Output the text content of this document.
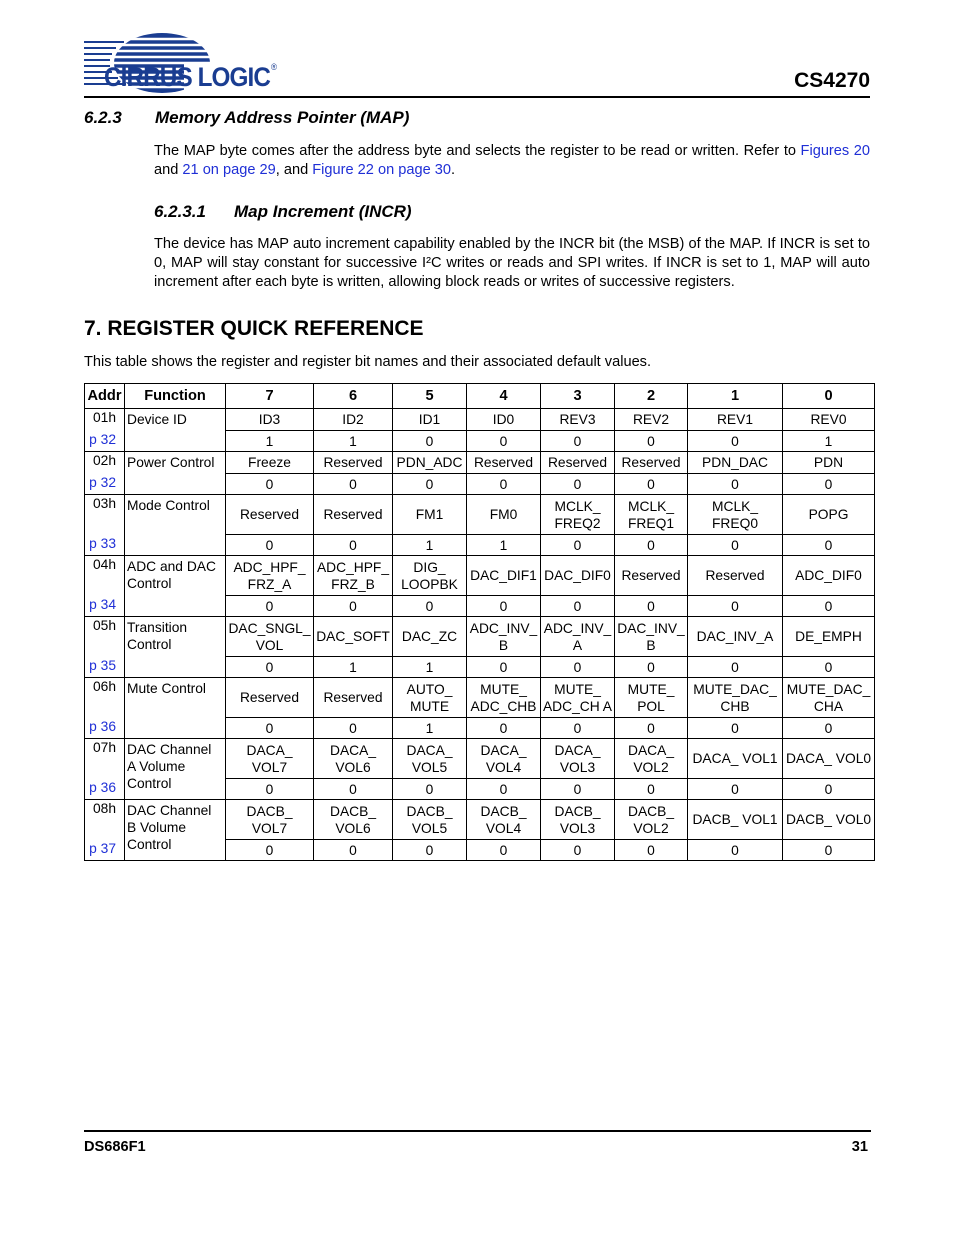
CIRRUS LOGIC®
CS4270
6.2.3 Memory Address Pointer (MAP)
The MAP byte comes after the address byte and selects the register to be read or written. Refer to Figures 20 and 21 on page 29, and Figure 22 on page 30.
6.2.3.1 Map Increment (INCR)
The device has MAP auto increment capability enabled by the INCR bit (the MSB) of the MAP. If INCR is set to 0, MAP will stay constant for successive I²C writes or reads and SPI writes. If INCR is set to 1, MAP will auto increment after each byte is written, allowing block reads or writes of successive registers.
7. REGISTER QUICK REFERENCE
This table shows the register and register bit names and their associated default values.
Addr	Function	7	6	5	4	3	2	1	0
01h	Device ID	ID3	ID2	ID1	ID0	REV3	REV2	REV1	REV0
p 32		1	1	0	0	0	0	0	1
02h	Power Control	Freeze	Reserved	PDN_ADC	Reserved	Reserved	Reserved	PDN_DAC	PDN
p 32		0	0	0	0	0	0	0	0
03h	Mode Control	Reserved	Reserved	FM1	FM0	MCLK_ FREQ2	MCLK_ FREQ1	MCLK_ FREQ0	POPG
p 33		0	0	1	1	0	0	0	0
04h	ADC and DAC Control	ADC_HPF_ FRZ_A	ADC_HPF_ FRZ_B	DIG_ LOOPBK	DAC_DIF1	DAC_DIF0	Reserved	Reserved	ADC_DIF0
p 34		0	0	0	0	0	0	0	0
05h	Transition Control	DAC_SNGL_ VOL	DAC_SOFT	DAC_ZC	ADC_INV_ B	ADC_INV_ A	DAC_INV_ B	DAC_INV_A	DE_EMPH
p 35		0	1	1	0	0	0	0	0
06h	Mute Control	Reserved	Reserved	AUTO_ MUTE	MUTE_ ADC_CHB	MUTE_ ADC_CH A	MUTE_ POL	MUTE_DAC_ CHB	MUTE_DAC_ CHA
p 36		0	0	1	0	0	0	0	0
07h	DAC Channel A Volume Control	DACA_ VOL7	DACA_ VOL6	DACA_ VOL5	DACA_ VOL4	DACA_ VOL3	DACA_ VOL2	DACA_ VOL1	DACA_ VOL0
p 36		0	0	0	0	0	0	0	0
08h	DAC Channel B Volume Control	DACB_ VOL7	DACB_ VOL6	DACB_ VOL5	DACB_ VOL4	DACB_ VOL3	DACB_ VOL2	DACB_ VOL1	DACB_ VOL0
p 37		0	0	0	0	0	0	0	0
DS686F1	31
